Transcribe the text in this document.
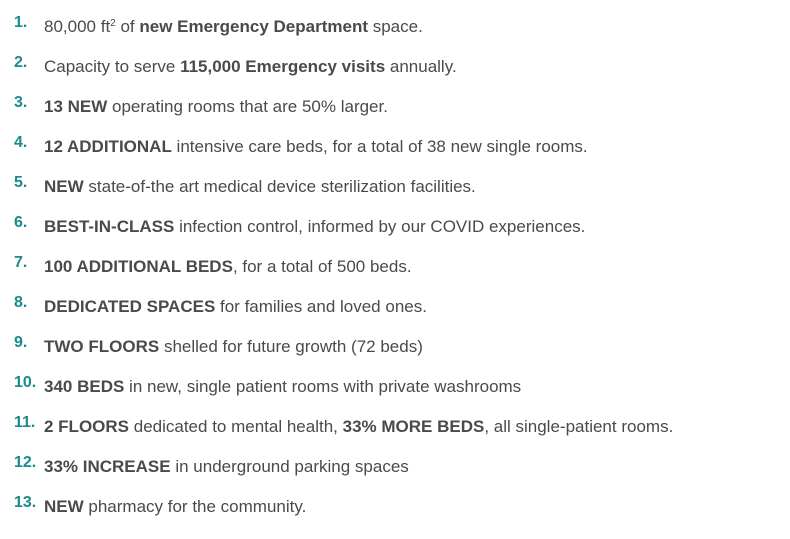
1. 80,000 $ft^2$ of new Emergency Department space.
2. Capacity to serve 115,000 Emergency visits annually.
3. 13 NEW operating rooms that are 50% larger.
4. 12 ADDITIONAL intensive care beds, for a total of 38 new single rooms.
5. NEW state-of-the art medical device sterilization facilities.
6. BEST-IN-CLASS infection control, informed by our COVID experiences.
7. 100 ADDITIONAL BEDS, for a total of 500 beds.
8. DEDICATED SPACES for families and loved ones.
9. TWO FLOORS shelled for future growth (72 beds)
10. 340 BEDS in new, single patient rooms with private washrooms
11. 2 FLOORS dedicated to mental health, 33% MORE BEDS, all single-patient rooms.
12. 33% INCREASE in underground parking spaces
13. NEW pharmacy for the community.
